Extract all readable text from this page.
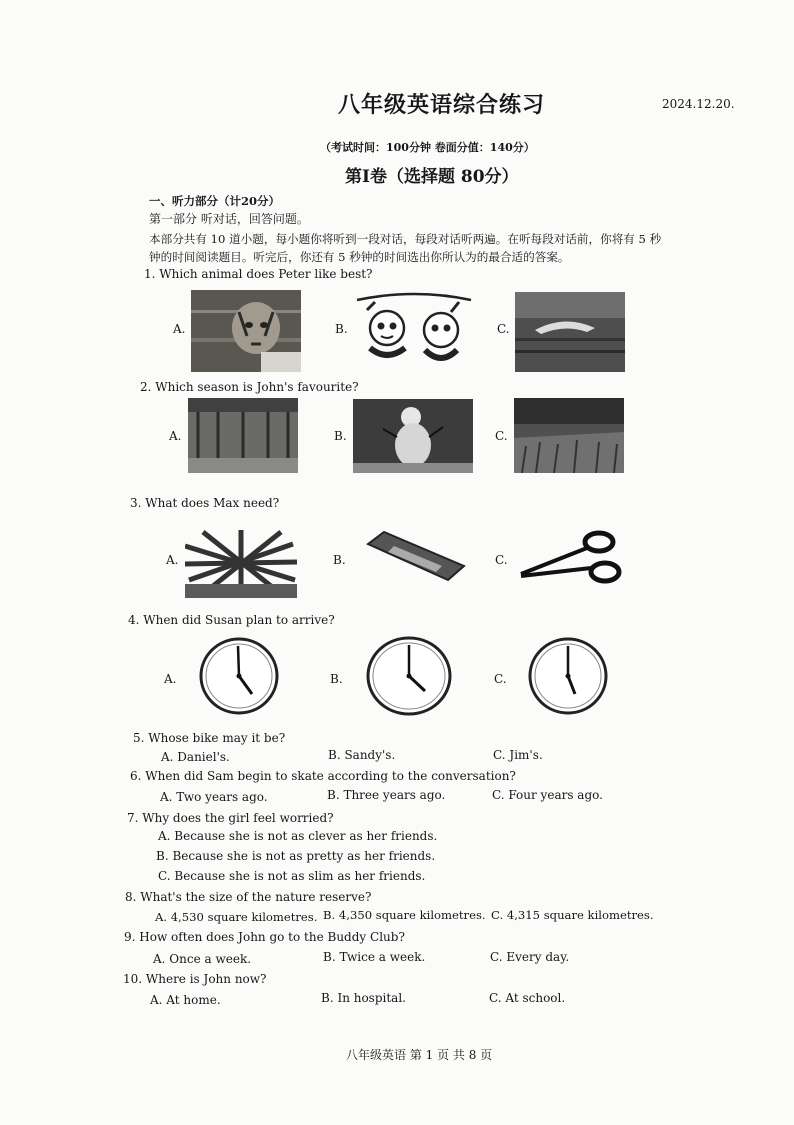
八年级英语综合练习	2024.12.20.
（考试时间：100分钟 卷面分值：140分）
第Ⅰ卷（选择题 80分）
一、听力部分（计20分）
第一部分 听对话，回答问题。
本部分共有 10 道小题，每小题你将听到一段对话，每段对话听两遍。在听每段对话前，你将有 5 秒
钟的时间阅读题目。听完后，你还有 5 秒钟的时间选出你所认为的最合适的答案。
1. Which animal does Peter like best?
A.	B.	C.
2. Which season is John's favourite?
A.	B.	C.
3. What does Max need?
A.	B.	C.
4. When did Susan plan to arrive?
A.	B.	C.
5. Whose bike may it be?
A. Daniel's.	B. Sandy's.	C. Jim's.
6. When did Sam begin to skate according to the conversation?
A. Two years ago.	B. Three years ago.	C. Four years ago.
7. Why does the girl feel worried?
A. Because she is not as clever as her friends.
B. Because she is not as pretty as her friends.
C. Because she is not as slim as her friends.
8. What's the size of the nature reserve?
A. 4,530 square kilometres. B. 4,350 square kilometres. C. 4,315 square kilometres.
9. How often does John go to the Buddy Club?
A. Once a week.	B. Twice a week.	C. Every day.
10. Where is John now?
A. At home.	B. In hospital.	C. At school.
八年级英语 第 1 页 共 8 页
